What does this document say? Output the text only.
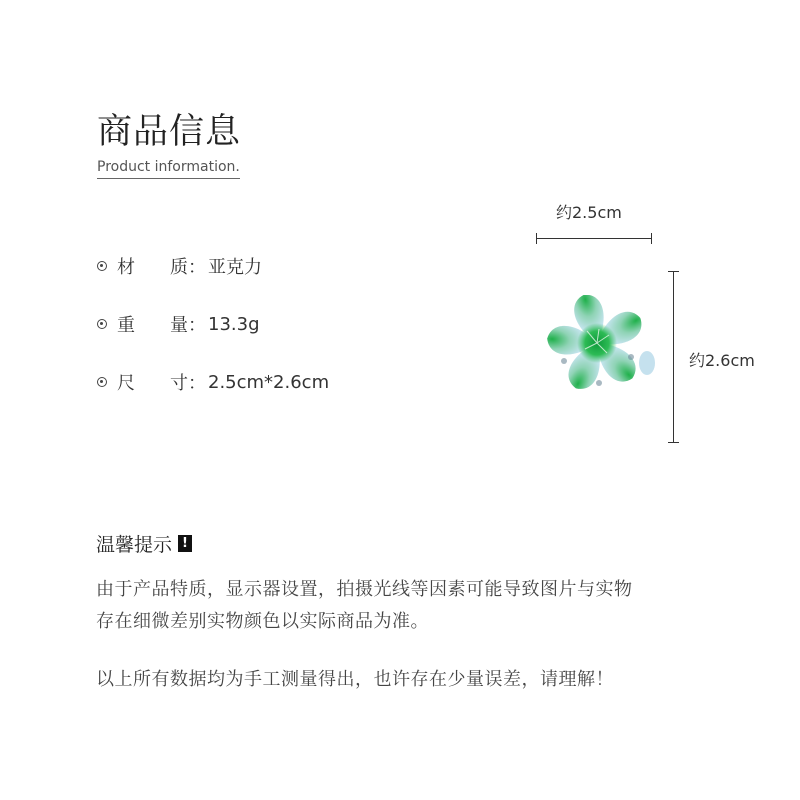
商品信息
Product information.
材	质 ： 亚克力
重	量 ： 13.3g
尺	寸 ： 2.5cm*2.6cm
约2.5cm
约2.6cm
温馨提示 !
由于产品特质，显示器设置，拍摄光线等因素可能导致图片与实物
存在细微差别实物颜色以实际商品为准。
以上所有数据均为手工测量得出，也许存在少量误差，请理解！
